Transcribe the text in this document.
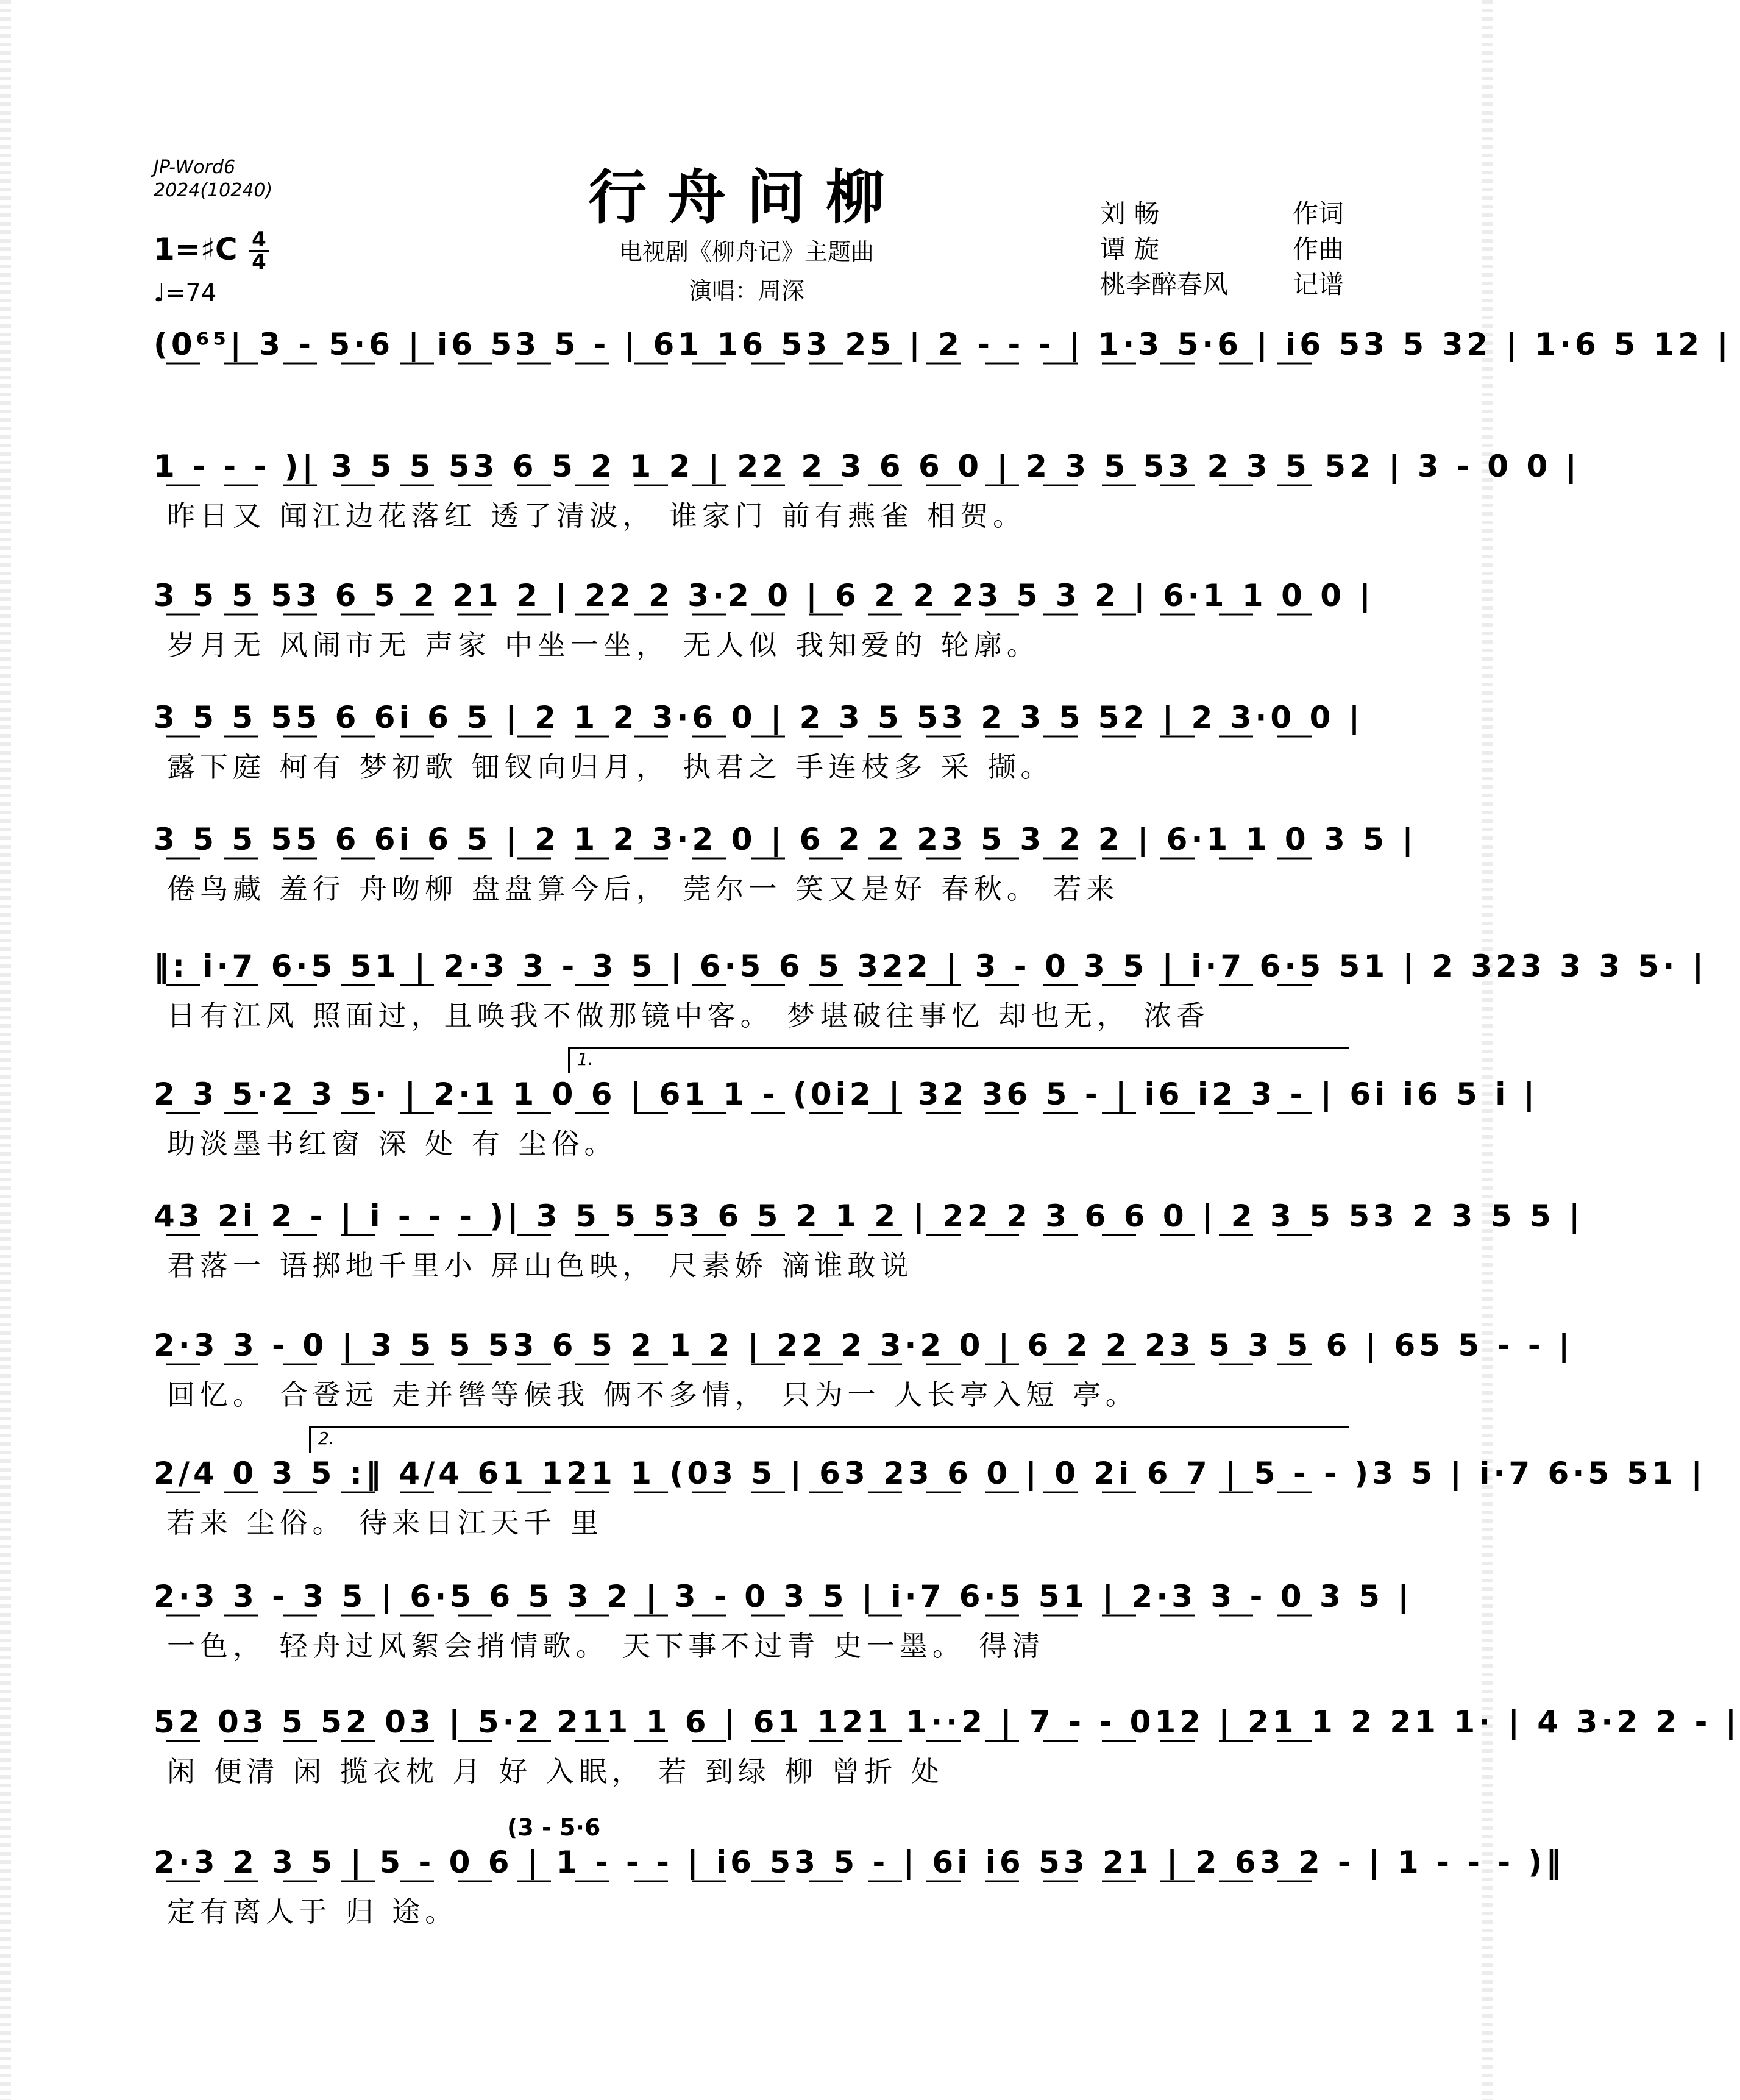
JP-Word6
2024(10240)	行舟问柳
电视剧《柳舟记》主题曲
演唱：周深
刘 畅	作词
谭 旋	作曲
桃李醉春风	记谱
1=♯C $\frac{4}{4}$
♩=74
(0⁶⁵| 3 - 5·6 | i6 53 5 - | 61 16 53 25 | 2 - - - | 1·3 5·6 | i6 53 5 32 | 1·6 5 12 |
1 - - - )| 3 5 5 53 6 5 2 1 2 | 22 2 3 6 6 0 | 2 3 5 53 2 3 5 52 | 3 - 0 0 |
昨日又 闻江边花落红 透了清波， 谁家门 前有燕雀 相贺。
3 5 5 53 6 5 2 21 2 | 22 2 3·2 0 | 6 2 2 23 5 3 2 | 6·1 1 0 0 |
岁月无 风闹市无 声家 中坐一坐， 无人似 我知爱的 轮廓。
3 5 5 55 6 6i 6 5 | 2 1 2 3·6 0 | 2 3 5 53 2 3 5 52 | 2 3·0 0 |
露下庭 柯有 梦初歌 钿钗向归月， 执君之 手连枝多 采 撷。
3 5 5 55 6 6i 6 5 | 2 1 2 3·2 0 | 6 2 2 23 5 3 2 2 | 6·1 1 0 3 5 |
倦鸟藏 羞行 舟吻柳 盘盘算今后， 莞尔一 笑又是好 春秋。 若来
‖: i·7 6·5 51 | 2·3 3 - 3 5 | 6·5 6 5 322 | 3 - 0 3 5 | i·7 6·5 51 | 2 323 3 3 5· |
日有江风 照面过，且唤我不做那镜中客。 梦堪破往事忆 却也无， 浓香
1.
2 3 5·2 3 5· | 2·1 1 0 6 | 61 1 - (0i2 | 32 36 5 - | i6 i2 3 - | 6i i6 5 i |
助淡墨书红窗 深 处 有 尘俗。
43 2i 2 - | i - - - )| 3 5 5 53 6 5 2 1 2 | 22 2 3 6 6 0 | 2 3 5 53 2 3 5 5 |
君落一 语掷地千里小 屏山色映， 尺素娇 滴谁敢说
2·3 3 - 0 | 3 5 5 53 6 5 2 1 2 | 22 2 3·2 0 | 6 2 2 23 5 3 5 6 | 65 5 - - |
回忆。 合卺远 走并辔等候我 俩不多情， 只为一 人长亭入短 亭。
2.
2/4 0 3 5 :‖ 4/4 61 121 1 (03 5 | 63 23 6 0 | 0 2i 6 7 | 5 - - )3 5 | i·7 6·5 51 |
若来 尘俗。 待来日江天千 里
2·3 3 - 3 5 | 6·5 6 5 3 2 | 3 - 0 3 5 | i·7 6·5 51 | 2·3 3 - 0 3 5 |
一色， 轻舟过风絮会捎情歌。 天下事不过青 史一墨。 得清
52 03 5 52 03 | 5·2 211 1 6 | 61 121 1··2 | 7 - - 012 | 21 1 2 21 1· | 4 3·2 2 - |
闲 便清 闲 揽衣枕 月 好 入眠， 若 到绿 柳 曾折 处
(3 - 5·6
2·3 2 3 5 | 5 - 0 6 | 1 - - - | i6 53 5 - | 6i i6 53 21 | 2 63 2 - | 1 - - - )‖
定有离人于 归 途。
